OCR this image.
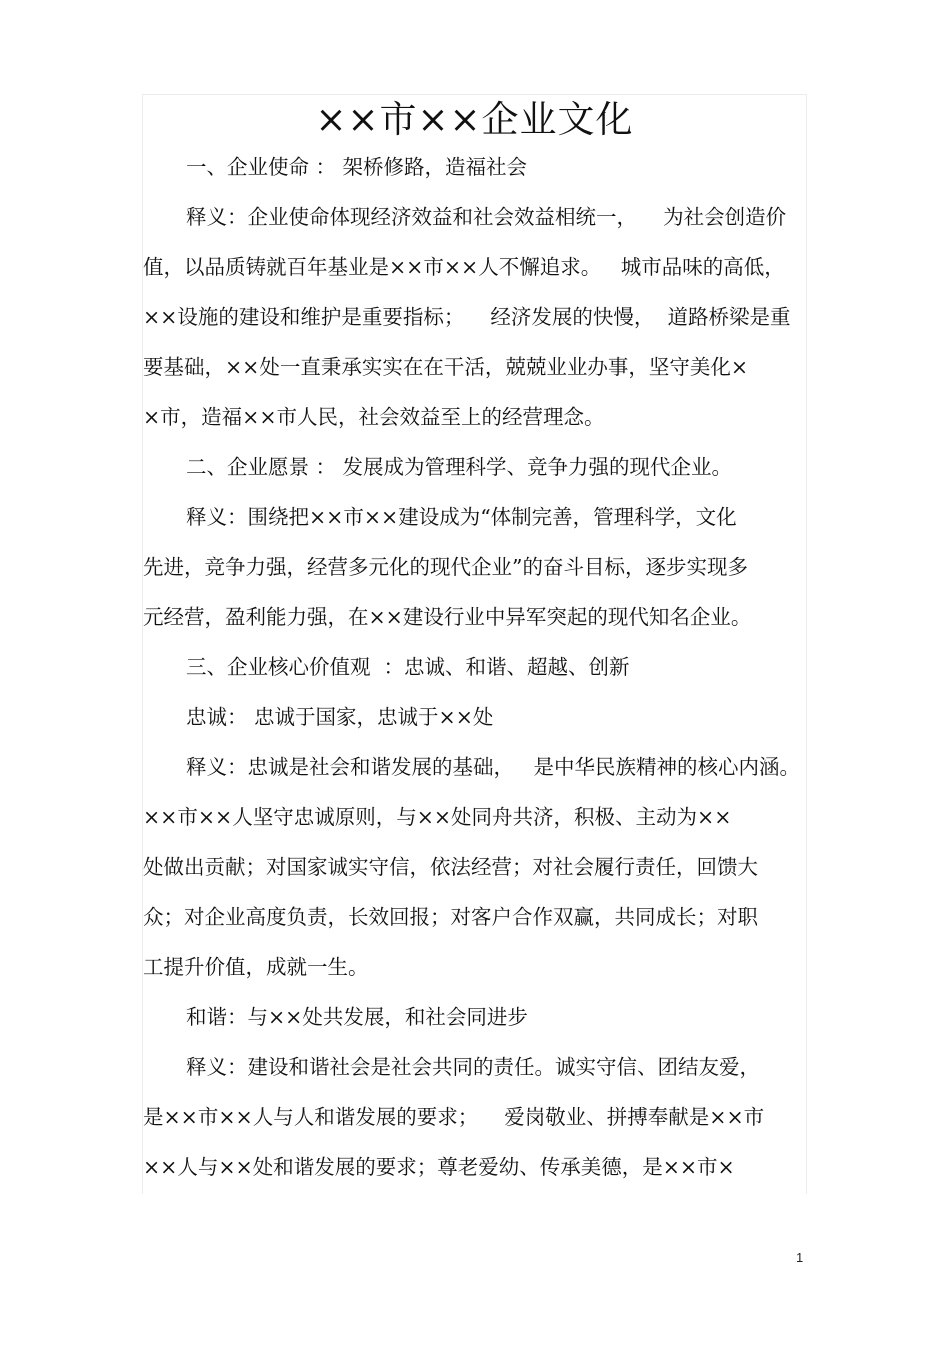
××市××企业文化
一、企业使命 ： 架桥修路，造福社会
释义：企业使命体现经济效益和社会效益相统一，    为社会创造价
值，以品质铸就百年基业是××市××人不懈追求。   城市品味的高低，
××设施的建设和维护是重要指标；    经济发展的快慢，  道路桥梁是重
要基础，××处一直秉承实实在在干活，兢兢业业办事，坚守美化×
×市，造福××市人民，社会效益至上的经营理念。
二、企业愿景 ： 发展成为管理科学、竞争力强的现代企业。
释义：围绕把××市××建设成为“体制完善，管理科学，文化
先进，竞争力强，经营多元化的现代企业”的奋斗目标，逐步实现多
元经营，盈利能力强，在××建设行业中异军突起的现代知名企业。
三、企业核心价值观  ：忠诚、和谐、超越、创新
忠诚： 忠诚于国家，忠诚于××处
释义：忠诚是社会和谐发展的基础，   是中华民族精神的核心内涵。
××市××人坚守忠诚原则，与××处同舟共济，积极、主动为××
处做出贡献；对国家诚实守信，依法经营；对社会履行责任，回馈大
众；对企业高度负责，长效回报；对客户合作双赢，共同成长；对职
工提升价值，成就一生。
和谐：与××处共发展，和社会同进步
释义：建设和谐社会是社会共同的责任。诚实守信、团结友爱，
是××市××人与人和谐发展的要求；    爱岗敬业、拼搏奉献是××市
××人与××处和谐发展的要求；尊老爱幼、传承美德，是××市×
1
